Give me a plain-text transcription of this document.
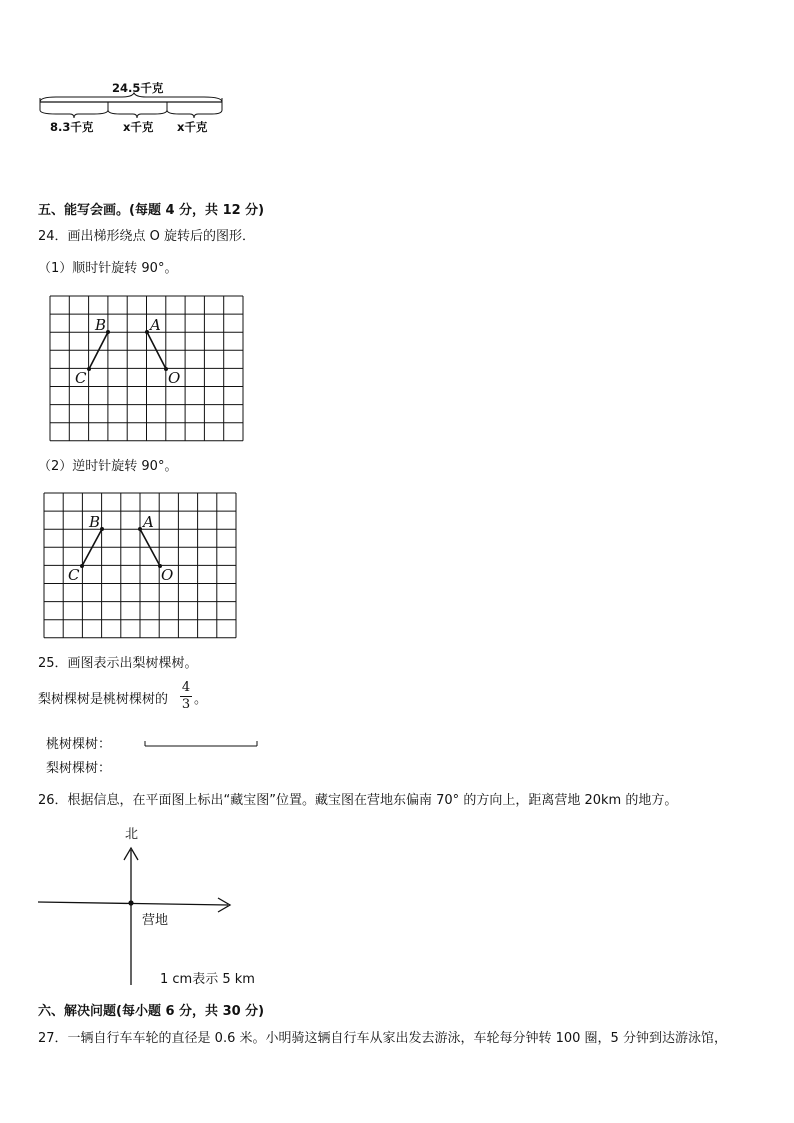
24.5千克
8.3千克	x千克 x千克
五、能写会画。(每题 4 分，共 12 分)
24．画出梯形绕点 O 旋转后的图形．
（1）顺时针旋转 90°。
B	A
C	O
（2）逆时针旋转 90°。
B	A
C	O
25．画图表示出梨树棵树。
梨树棵树是桃树棵树的
4
3 。
桃树棵树：
梨树棵树：
26．根据信息，在平面图上标出“藏宝图”位置。藏宝图在营地东偏南 70° 的方向上，距离营地 20km 的地方。
北
营地
1 cm表示 5 km
六、解决问题(每小题 6 分，共 30 分)
27．一辆自行车车轮的直径是 0.6 米。小明骑这辆自行车从家出发去游泳，车轮每分钟转 100 圈，5 分钟到达游泳馆，
